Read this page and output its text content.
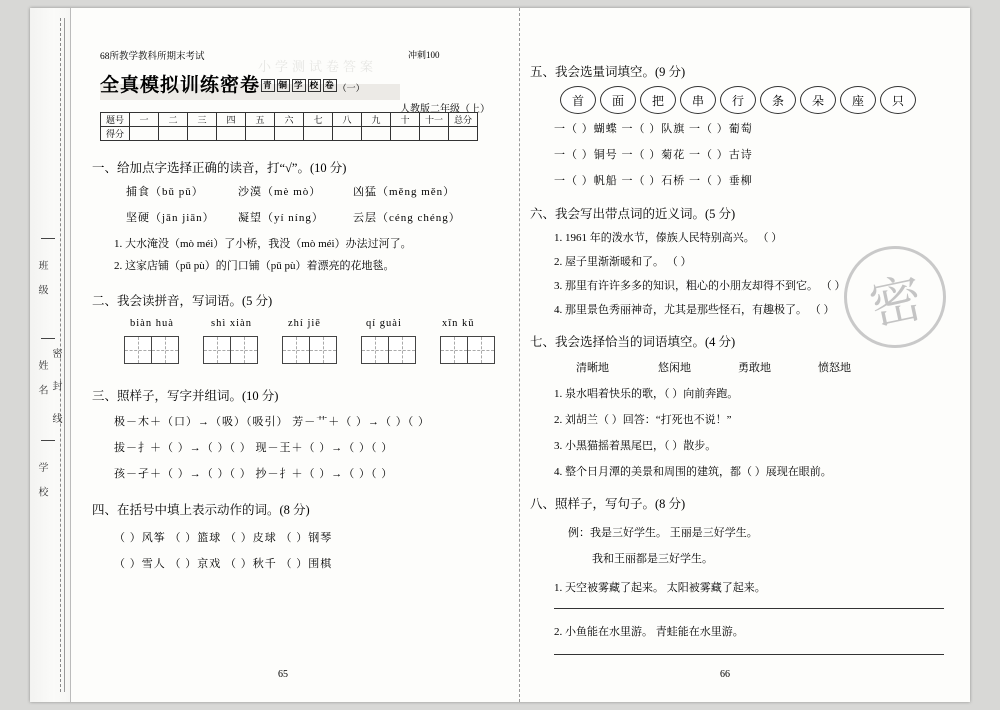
班 级
姓 名 密 封 线
学 校
小学测试卷答案
68所教学教科所期末考试	冲刺100
全真模拟训练密卷 青 铜 学 校 卷 （一）
人教版二年级（上）
题号	一	二	三	四	五	六	七	八	九	十	十一	总分
得分												
一、给加点字选择正确的读音，打“√”。(10 分)
捕食（bǔ pǔ）	沙漠（mè mò）	凶猛（měng měn）
坚硬（jān jiān） 凝望（yí níng）	云层（céng chéng）
1. 大水淹没（mò méi）了小桥，我没（mò méi）办法过河了。
2. 这家店铺（pū pù）的门口铺（pū pù）着漂亮的花地毯。
二、我会读拼音，写词语。(5 分)
biàn huà	shì xiàn	zhí jiē	qí guài	xīn kǔ
三、照样子，写字并组词。(10 分)
极－木＋（口）→（吸）（吸引） 芳－艹＋（ ）→（ ）（ ）
拔－扌＋（ ）→（ ）（ ） 现－王＋（ ）→（ ）（ ）
孩－孑＋（ ）→（ ）（ ） 抄－扌＋（ ）→（ ）（ ）
四、在括号中填上表示动作的词。(8 分)
（ ）风筝 （ ）篮球 （ ）皮球 （ ）钢琴
（ ）雪人 （ ）京戏 （ ）秋千 （ ）围棋
65
密
五、我会选量词填空。(9 分)
首	面	把	串	行	条	朵	座	只
一（ ）蝴蝶 一（ ）队旗 一（ ）葡萄
一（ ）铜号 一（ ）菊花 一（ ）古诗
一（ ）帆船 一（ ）石桥 一（ ）垂柳
六、我会写出带点词的近义词。(5 分)
1. 1961 年的泼水节，傣族人民特别高兴。 （ ）
2. 屋子里渐渐暖和了。 （ ）
3. 那里有许许多多的知识，粗心的小朋友却得不到它。 （ ）
4. 那里景色秀丽神奇，尤其是那些怪石，有趣极了。 （ ）
七、我会选择恰当的词语填空。(4 分)
清晰地	悠闲地	勇敢地	愤怒地
1. 泉水唱着快乐的歌，（ ）向前奔跑。
2. 刘胡兰（ ）回答：“打死也不说！”
3. 小黑猫摇着黑尾巴，（ ）散步。
4. 整个日月潭的美景和周围的建筑，都（ ）展现在眼前。
八、照样子，写句子。(8 分)
例：我是三好学生。 王丽是三好学生。
我和王丽都是三好学生。
1. 天空被雾藏了起来。 太阳被雾藏了起来。
2. 小鱼能在水里游。 青蛙能在水里游。
66
